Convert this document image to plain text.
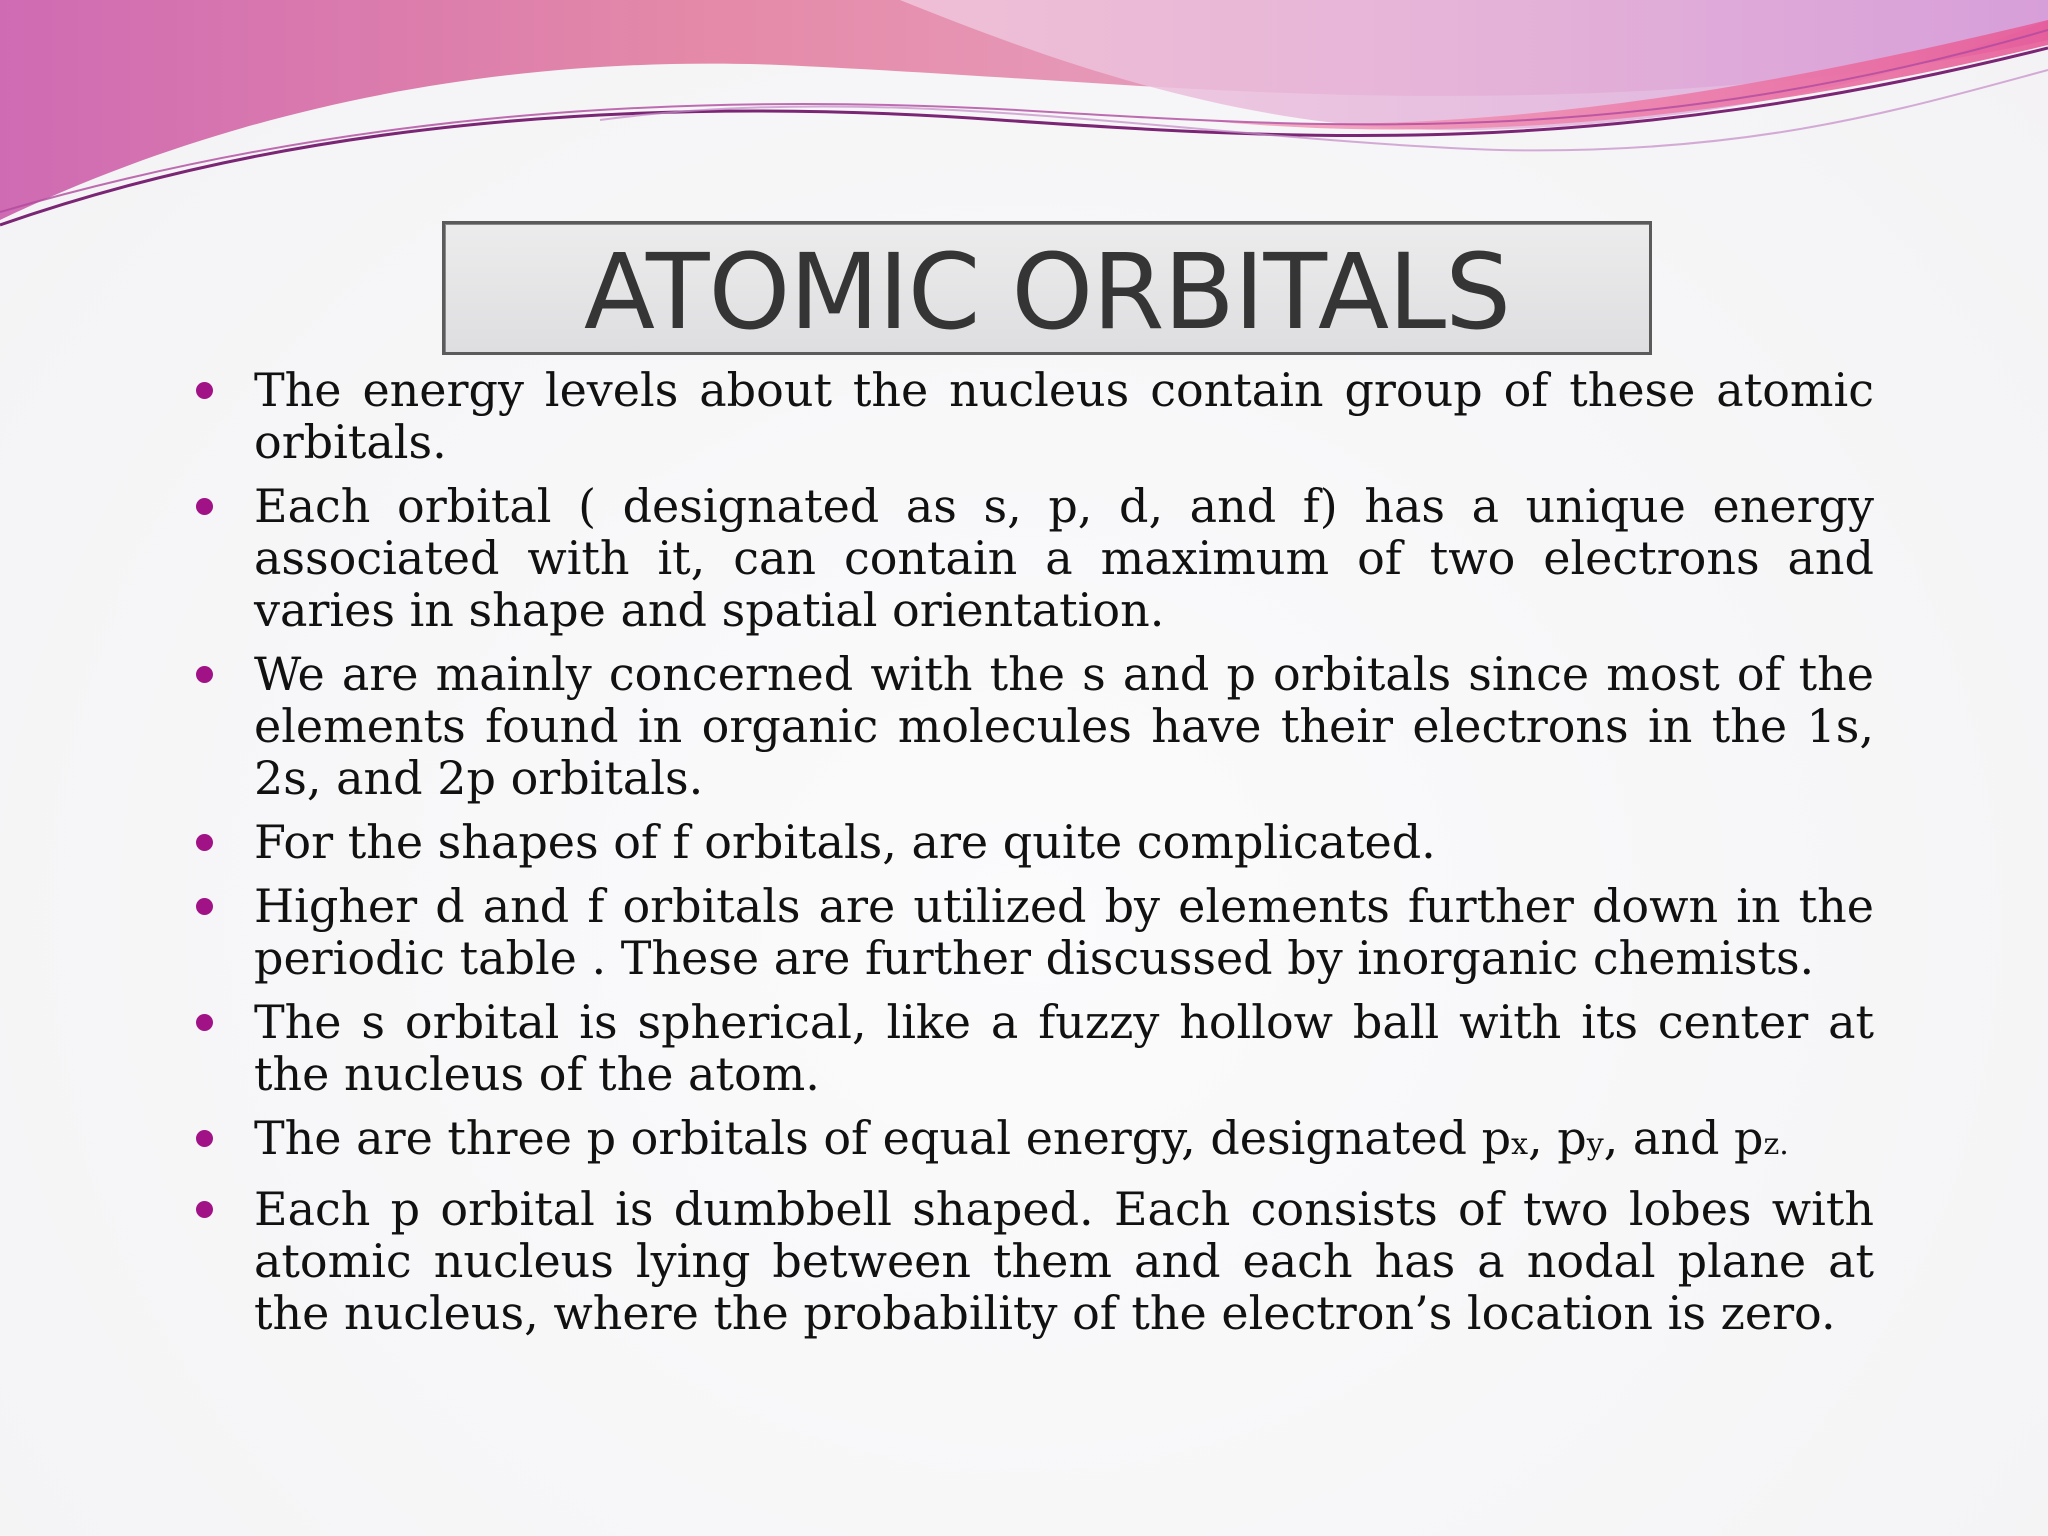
ATOMIC ORBITALS
The energy levels about the nucleus contain group of these atomic orbitals.
Each orbital ( designated as s, p, d, and f) has a unique energy associated with it, can contain a maximum of two electrons and varies in shape and spatial orientation.
We are mainly concerned with the s and p orbitals since most of the elements found in organic molecules have their electrons in the 1s, 2s, and 2p orbitals.
For the shapes of f orbitals, are quite complicated.
Higher d and f orbitals are utilized by elements further down in the periodic table . These are further discussed by inorganic chemists.
The s orbital is spherical, like a fuzzy hollow ball with its center at the nucleus of the atom.
The are three p orbitals of equal energy, designated px, py, and pz.
Each p orbital is dumbbell shaped. Each consists of two lobes with atomic nucleus lying between them and each has a nodal plane at the nucleus, where the probability of the electron’s location is zero.
